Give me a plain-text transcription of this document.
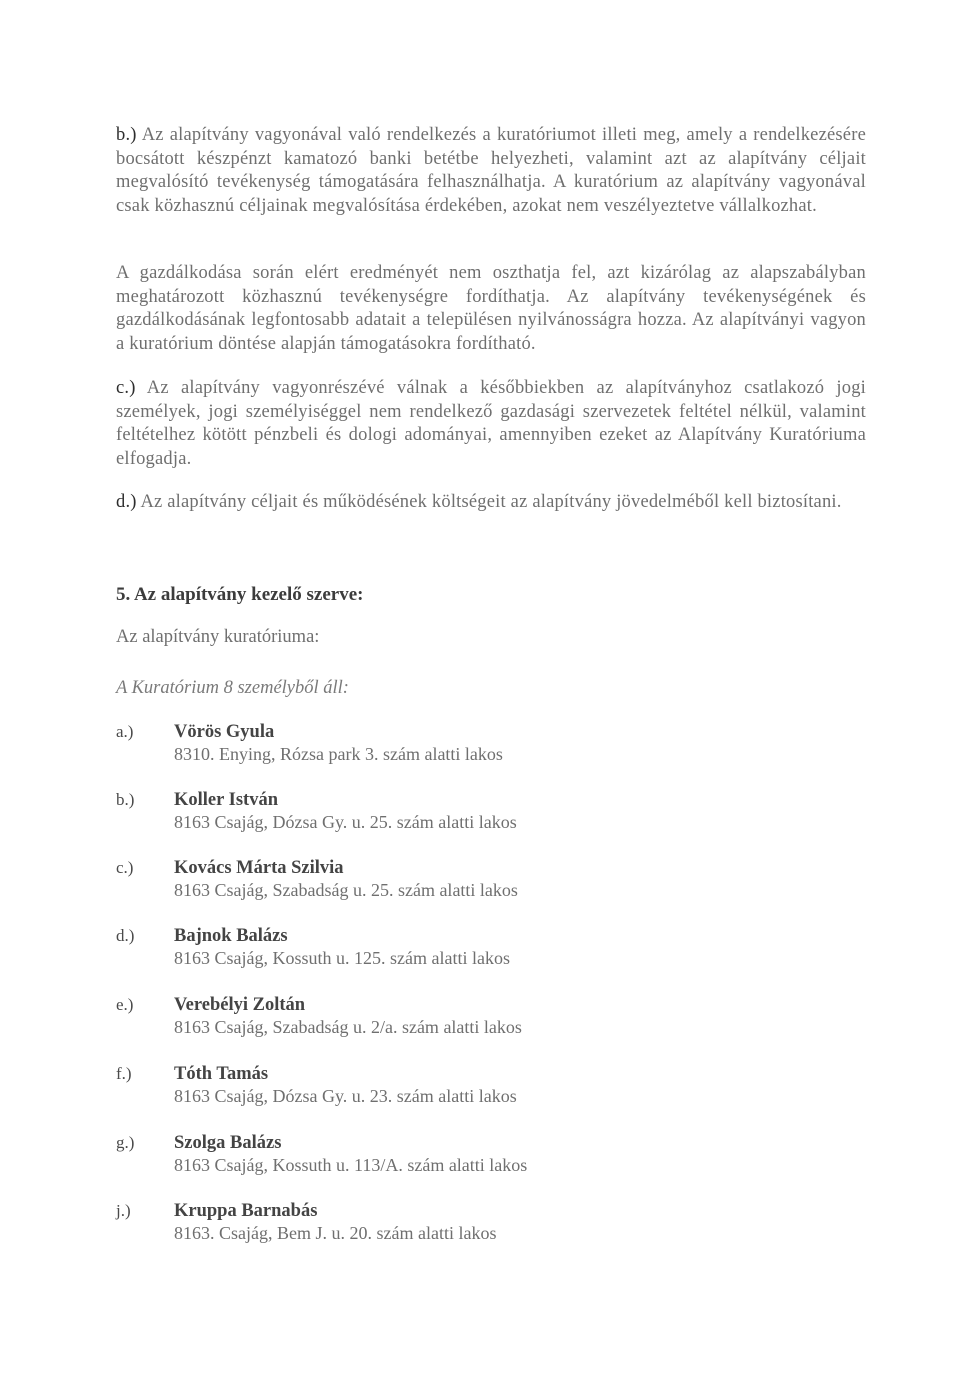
b.) Az alapítvány vagyonával való rendelkezés a kuratóriumot illeti meg, amely a rendelkezésére bocsátott készpénzt kamatozó banki betétbe helyezheti, valamint azt az alapítvány céljait megvalósító tevékenység támogatására felhasználhatja. A kuratórium az alapítvány vagyonával csak közhasznú céljainak megvalósítása érdekében, azokat nem veszélyeztetve vállalkozhat.

A gazdálkodása során elért eredményét nem oszthatja fel, azt kizárólag az alapszabályban meghatározott közhasznú tevékenységre fordíthatja. Az alapítvány tevékenységének és gazdálkodásának legfontosabb adatait a településen nyilvánosságra hozza. Az alapítványi vagyon a kuratórium döntése alapján támogatásokra fordítható.

c.) Az alapítvány vagyonrészévé válnak a későbbiekben az alapítványhoz csatlakozó jogi személyek, jogi személyiséggel nem rendelkező gazdasági szervezetek feltétel nélkül, valamint feltételhez kötött pénzbeli és dologi adományai, amennyiben ezeket az Alapítvány Kuratóriuma elfogadja.

d.) Az alapítvány céljait és működésének költségeit az alapítvány jövedelméből kell biztosítani.

5. Az alapítvány kezelő szerve:

Az alapítvány kuratóriuma:

A Kuratórium 8 személyből áll:

a.)	Vörös Gyula
8310. Enying, Rózsa park 3. szám alatti lakos
b.)	Koller István
8163 Csajág, Dózsa Gy. u. 25. szám alatti lakos
c.)	Kovács Márta Szilvia
8163 Csajág, Szabadság u. 25. szám alatti lakos
d.)	Bajnok Balázs
8163 Csajág, Kossuth u. 125. szám alatti lakos
e.)	Verebélyi Zoltán
8163 Csajág, Szabadság u. 2/a. szám alatti lakos
f.)	Tóth Tamás
8163 Csajág, Dózsa Gy. u. 23. szám alatti lakos
g.)	Szolga Balázs
8163 Csajág, Kossuth u. 113/A. szám alatti lakos
j.)	Kruppa Barnabás
8163. Csajág, Bem J. u. 20. szám alatti lakos
